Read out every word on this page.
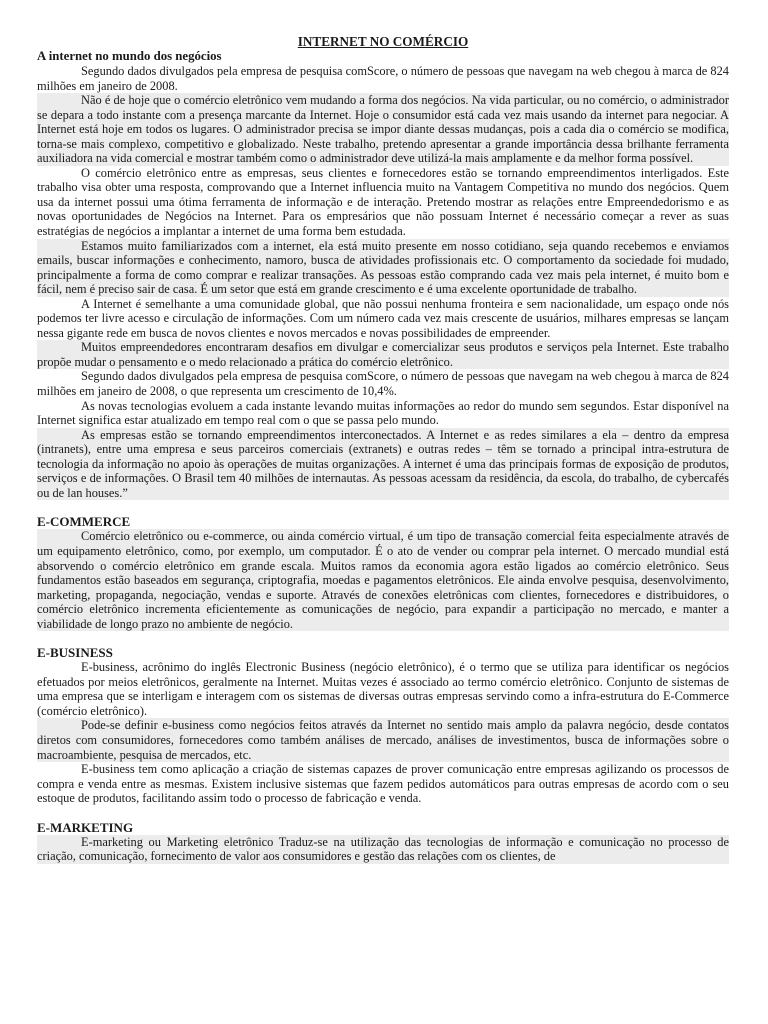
INTERNET NO COMÉRCIO
A internet no mundo dos negócios

Segundo dados divulgados pela empresa de pesquisa comScore, o número de pessoas que navegam na web chegou à marca de 824 milhões em janeiro de 2008.

Não é de hoje que o comércio eletrônico vem mudando a forma dos negócios. Na vida particular, ou no comércio, o administrador se depara a todo instante com a presença marcante da Internet. Hoje o consumidor está cada vez mais usando da internet para negociar. A Internet está hoje em todos os lugares. O administrador precisa se impor diante dessas mudanças, pois a cada dia o comércio se modifica, torna-se mais complexo, competitivo e globalizado. Neste trabalho, pretendo apresentar a grande importância dessa brilhante ferramenta auxiliadora na vida comercial e mostrar também como o administrador deve utilizá-la mais amplamente e da melhor forma possível.

O comércio eletrônico entre as empresas, seus clientes e fornecedores estão se tornando empreendimentos interligados. Este trabalho visa obter uma resposta, comprovando que a Internet influencia muito na Vantagem Competitiva no mundo dos negócios. Quem usa da internet possui uma ótima ferramenta de informação e de interação. Pretendo mostrar as relações entre Empreendedorismo e as novas oportunidades de Negócios na Internet. Para os empresários que não possuam Internet é necessário começar a rever as suas estratégias de negócios a implantar a internet de uma forma bem estudada.

Estamos muito familiarizados com a internet, ela está muito presente em nosso cotidiano, seja quando recebemos e enviamos emails, buscar informações e conhecimento, namoro, busca de atividades profissionais etc. O comportamento da sociedade foi mudado, principalmente a forma de como comprar e realizar transações. As pessoas estão comprando cada vez mais pela internet, é muito bom e fácil, nem é preciso sair de casa. É um setor que está em grande crescimento e é uma excelente oportunidade de trabalho.

A Internet é semelhante a uma comunidade global, que não possui nenhuma fronteira e sem nacionalidade, um espaço onde nós podemos ter livre acesso e circulação de informações. Com um número cada vez mais crescente de usuários, milhares empresas se lançam nessa gigante rede em busca de novos clientes e novos mercados e novas possibilidades de empreender.

Muitos empreendedores encontraram desafios em divulgar e comercializar seus produtos e serviços pela Internet. Este trabalho propõe mudar o pensamento e o medo relacionado a prática do comércio eletrônico.

Segundo dados divulgados pela empresa de pesquisa comScore, o número de pessoas que navegam na web chegou à marca de 824 milhões em janeiro de 2008, o que representa um crescimento de 10,4%.

As novas tecnologias evoluem a cada instante levando muitas informações ao redor do mundo sem segundos. Estar disponível na Internet significa estar atualizado em tempo real com o que se passa pelo mundo.

As empresas estão se tornando empreendimentos interconectados. A Internet e as redes similares a ela – dentro da empresa (intranets), entre uma empresa e seus parceiros comerciais (extranets) e outras redes – têm se tornado a principal intra-estrutura de tecnologia da informação no apoio às operações de muitas organizações. A internet é uma das principais formas de exposição de produtos, serviços e de informações. O Brasil tem 40 milhões de internautas. As pessoas acessam da residência, da escola, do trabalho, de cybercafés ou de lan houses.”

E-COMMERCE

Comércio eletrônico ou e-commerce, ou ainda comércio virtual, é um tipo de transação comercial feita especialmente através de um equipamento eletrônico, como, por exemplo, um computador. É o ato de vender ou comprar pela internet. O mercado mundial está absorvendo o comércio eletrônico em grande escala. Muitos ramos da economia agora estão ligados ao comércio eletrônico. Seus fundamentos estão baseados em segurança, criptografia, moedas e pagamentos eletrônicos. Ele ainda envolve pesquisa, desenvolvimento, marketing, propaganda, negociação, vendas e suporte. Através de conexões eletrônicas com clientes, fornecedores e distribuidores, o comércio eletrônico incrementa eficientemente as comunicações de negócio, para expandir a participação no mercado, e manter a viabilidade de longo prazo no ambiente de negócio.

E-BUSINESS

E-business, acrônimo do inglês Electronic Business (negócio eletrônico), é o termo que se utiliza para identificar os negócios efetuados por meios eletrônicos, geralmente na Internet. Muitas vezes é associado ao termo comércio eletrônico. Conjunto de sistemas de uma empresa que se interligam e interagem com os sistemas de diversas outras empresas servindo como a infra-estrutura do E-Commerce (comércio eletrônico).

Pode-se definir e-business como negócios feitos através da Internet no sentido mais amplo da palavra negócio, desde contatos diretos com consumidores, fornecedores como também análises de mercado, análises de investimentos, busca de informações sobre o macroambiente, pesquisa de mercados, etc.

E-business tem como aplicação a criação de sistemas capazes de prover comunicação entre empresas agilizando os processos de compra e venda entre as mesmas. Existem inclusive sistemas que fazem pedidos automáticos para outras empresas de acordo com o seu estoque de produtos, facilitando assim todo o processo de fabricação e venda.

E-MARKETING

E-marketing ou Marketing eletrônico Traduz-se na utilização das tecnologias de informação e comunicação no processo de criação, comunicação, fornecimento de valor aos consumidores e gestão das relações com os clientes, de
